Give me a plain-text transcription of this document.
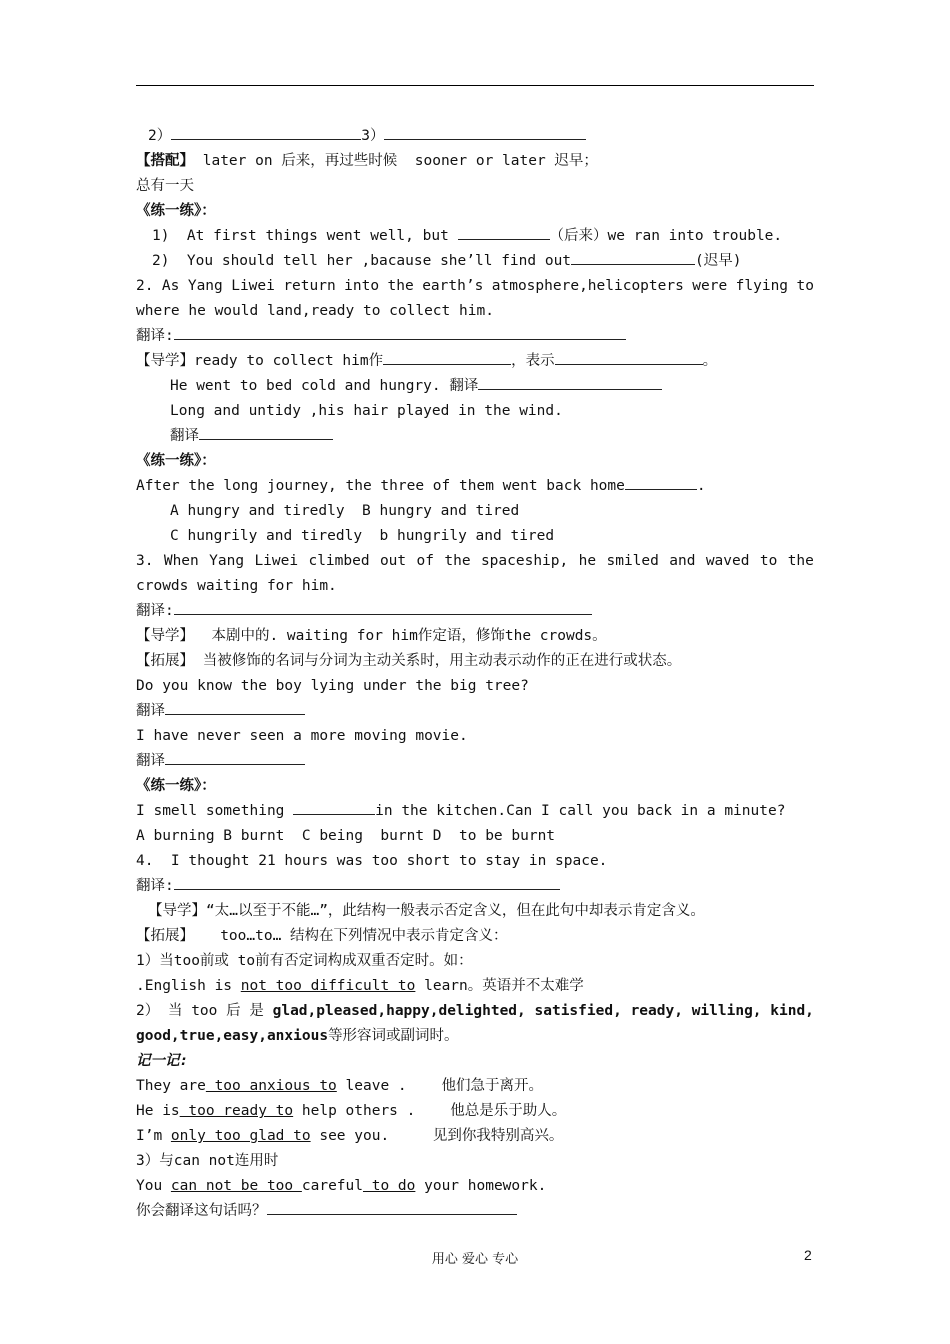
2）	3）
【搭配】 later on 后来，再过些时候  sooner or later 迟早；
总有一天
《练一练》：
1)  At first things went well, but	（后来）we ran into trouble.
2)  You should tell her ,bacause she’ll find out	(迟早)
2. As Yang Liwei return into the earth’s atmosphere,helicopters were flying to
where he would land,ready to collect him.
翻译:
【导学】ready to collect him作	，表示	。
He went to bed cold and hungry. 翻译
Long and untidy ,his hair played in the wind.
翻译
《练一练》：
After the long journey, the three of them went back home	.
A hungry and tiredly  B hungry and tired
C hungrily and tiredly  b hungrily and tired
3. When Yang Liwei climbed out of the spaceship, he smiled and waved to the
crowds waiting for him.
翻译:
【导学】  本剧中的. waiting for him作定语，修饰the crowds。
【拓展】 当被修饰的名词与分词为主动关系时，用主动表示动作的正在进行或状态。
Do you know the boy lying under the big tree?
翻译
I have never seen a more moving movie.
翻译
《练一练》：
I smell something	in the kitchen.Can I call you back in a minute?
A burning B burnt  C being  burnt D  to be burnt
4.  I thought 21 hours was too short to stay in space.
翻译:
【导学】“太…以至于不能…”，此结构一般表示否定含义，但在此句中却表示肯定含义。
【拓展】   too…to… 结构在下列情况中表示肯定含义：
1）当too前或 to前有否定词构成双重否定时。如：
.English is not too difficult to learn。英语并不太难学
2） 当 too 后 是 glad,pleased,happy,delighted, satisfied, ready, willing, kind,
good,true,easy,anxious等形容词或副词时。
记一记:
They are too anxious to leave .    他们急于离开。
He is too ready to help others .    他总是乐于助人。
I’m only too glad to see you.     见到你我特别高兴。
3）与can not连用时
You can not be too careful to do your homework.
你会翻译这句话吗？
用心 爱心 专心	2
